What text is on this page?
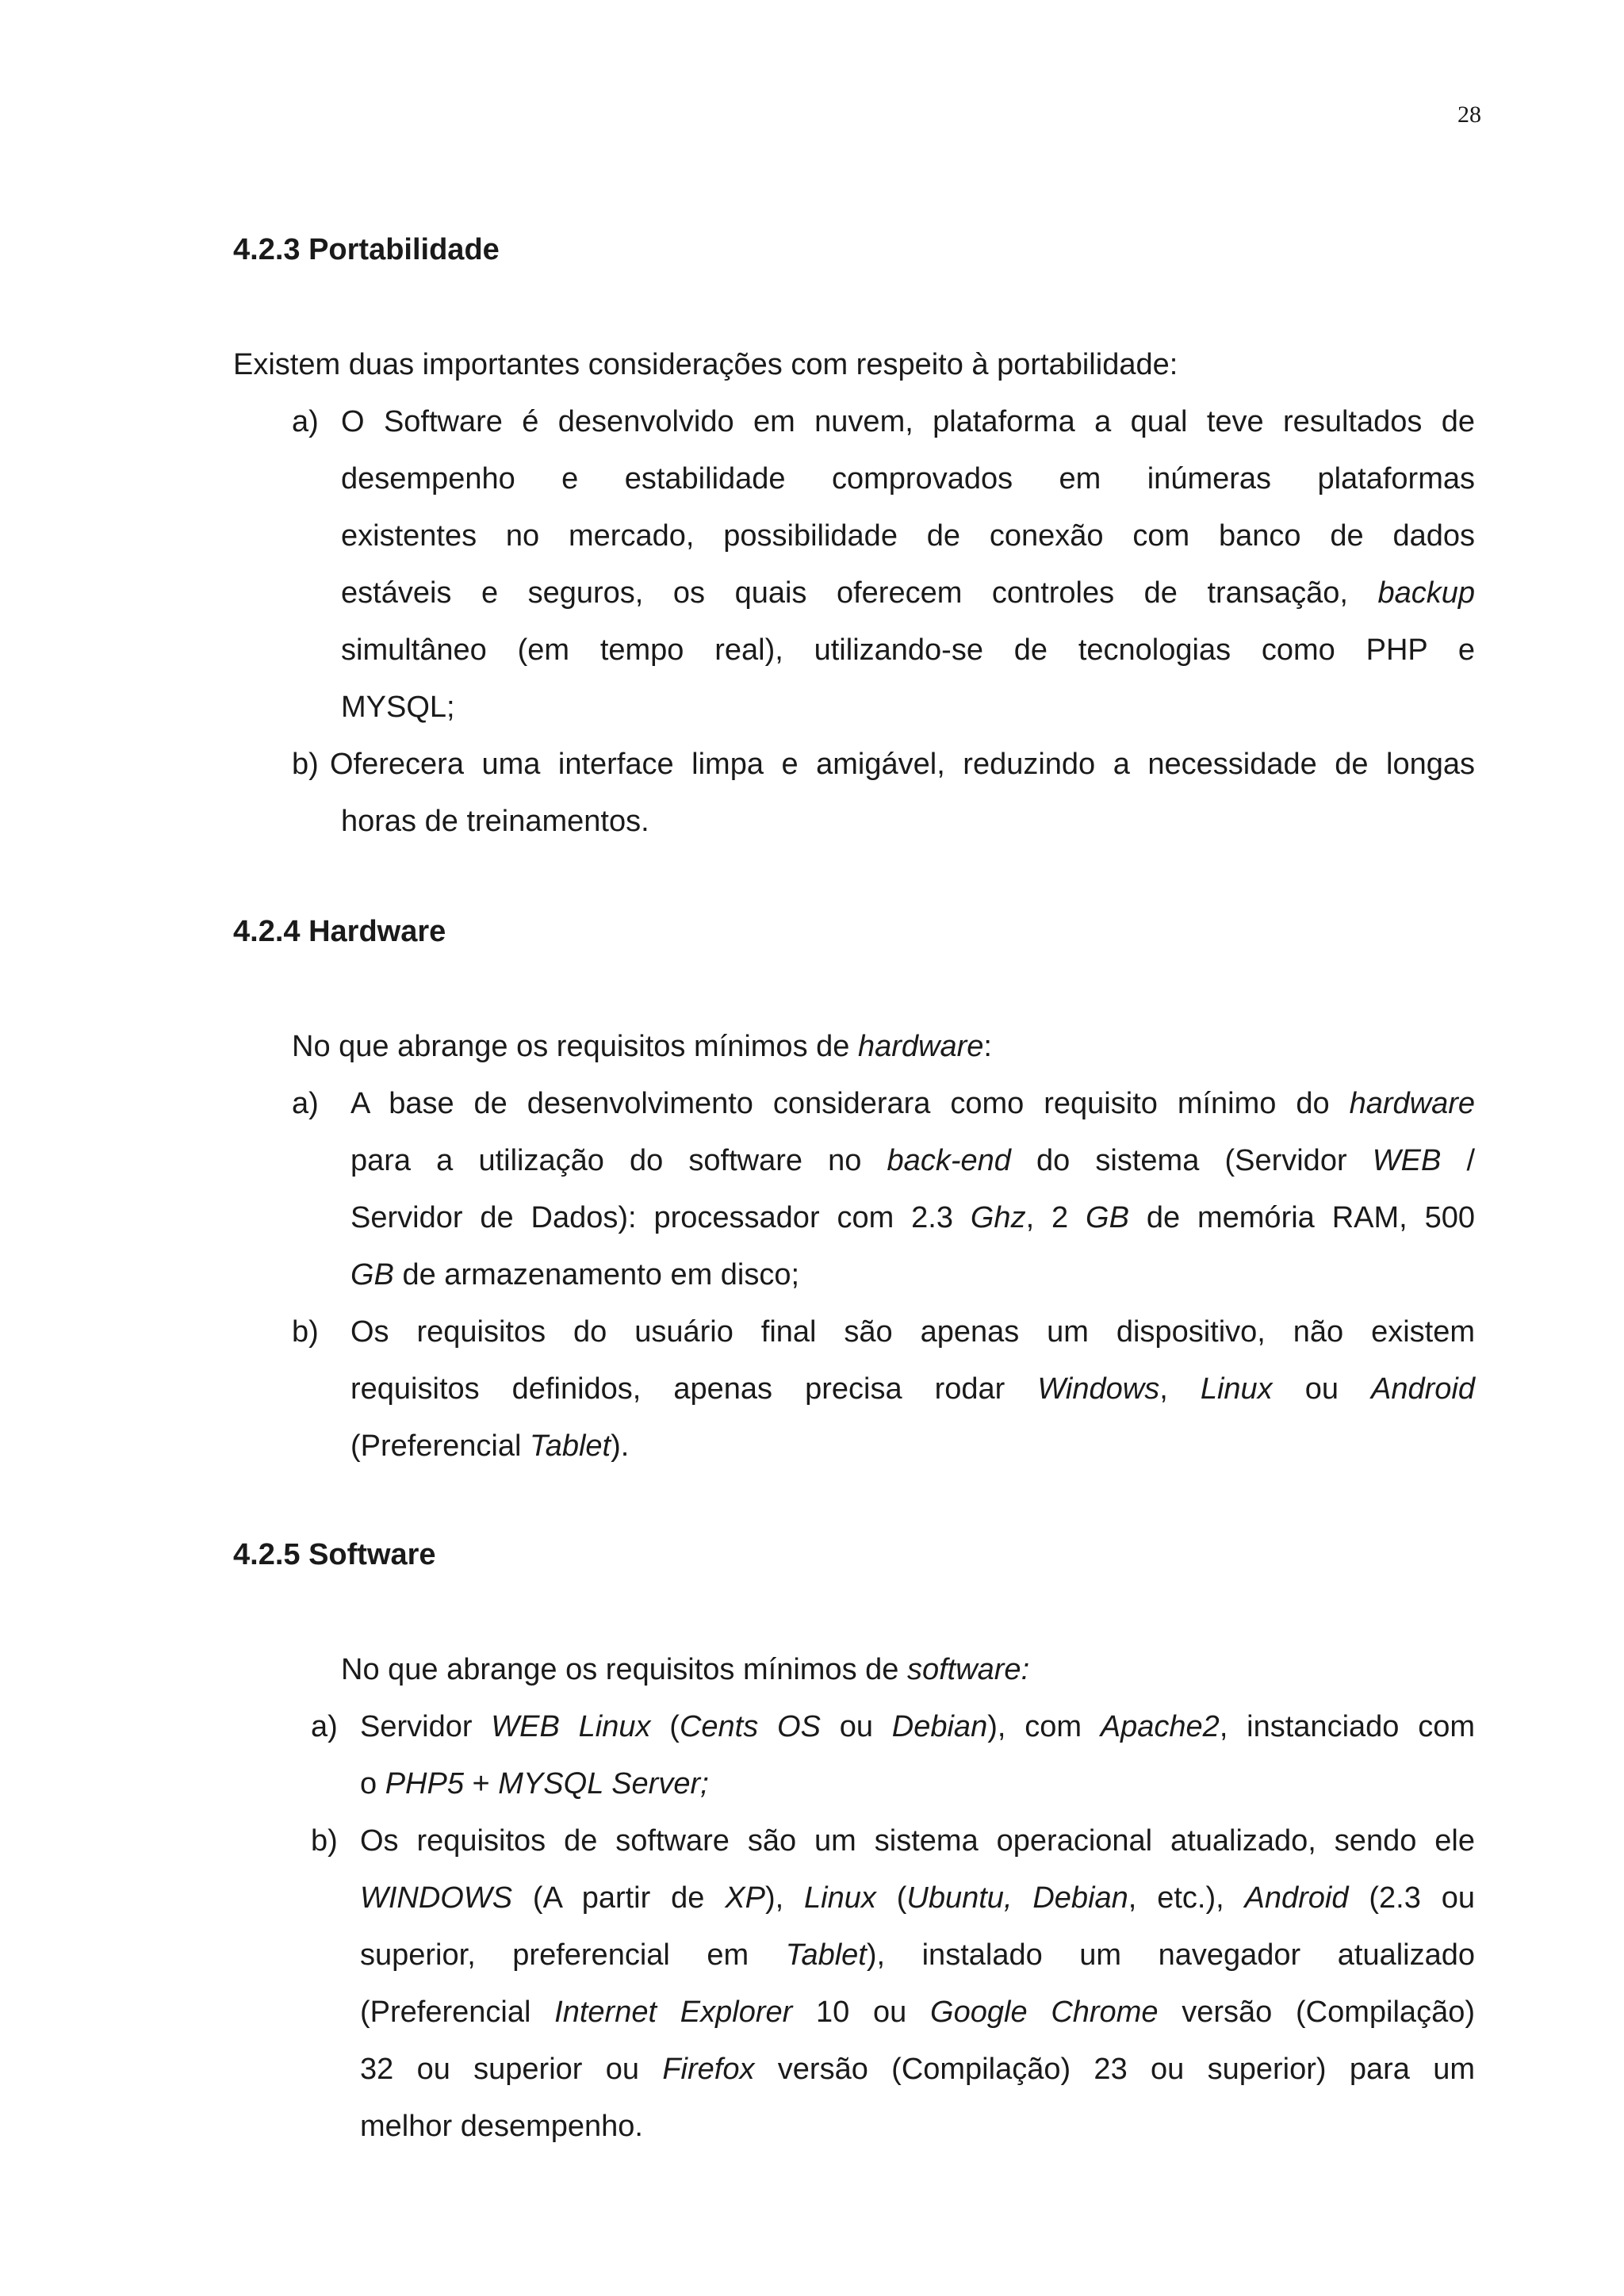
28
4.2.3 Portabilidade
Existem duas importantes considerações com respeito à portabilidade:
a) O Software é desenvolvido em nuvem, plataforma a qual teve resultados de
desempenho e estabilidade comprovados em inúmeras plataformas
existentes no mercado, possibilidade de conexão com banco de dados
estáveis e seguros, os quais oferecem controles de transação, backup
simultâneo (em tempo real), utilizando-se de tecnologias como PHP e
MYSQL;
b) Oferecera uma interface limpa e amigável, reduzindo a necessidade de longas
horas de treinamentos.
4.2.4 Hardware
No que abrange os requisitos mínimos de hardware:
a) A base de desenvolvimento considerara como requisito mínimo do hardware
para a utilização do software no back-end do sistema (Servidor WEB /
Servidor de Dados): processador com 2.3 Ghz, 2 GB de memória RAM, 500
GB de armazenamento em disco;
b) Os requisitos do usuário final são apenas um dispositivo, não existem
requisitos definidos, apenas precisa rodar Windows, Linux ou Android
(Preferencial Tablet).
4.2.5 Software
No que abrange os requisitos mínimos de software:
a) Servidor WEB Linux (Cents OS ou Debian), com Apache2, instanciado com
o PHP5 + MYSQL Server;
b) Os requisitos de software são um sistema operacional atualizado, sendo ele
WINDOWS (A partir de XP), Linux (Ubuntu, Debian, etc.), Android (2.3 ou
superior, preferencial em Tablet), instalado um navegador atualizado
(Preferencial Internet Explorer 10 ou Google Chrome versão (Compilação)
32 ou superior ou Firefox versão (Compilação) 23 ou superior) para um
melhor desempenho.
